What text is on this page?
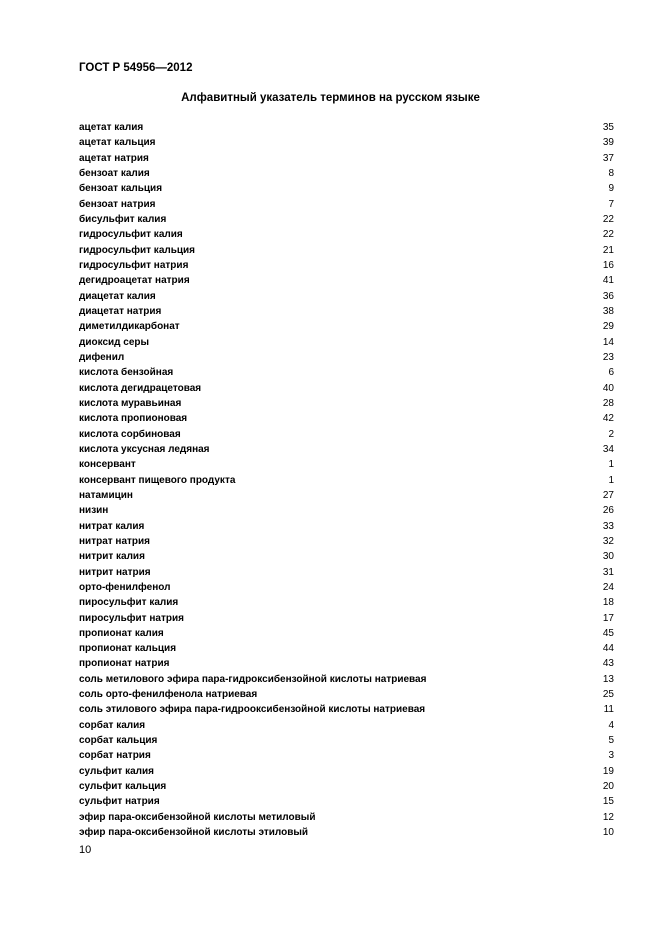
ГОСТ Р 54956—2012
Алфавитный указатель терминов на русском языке
ацетат калия	35
ацетат кальция	39
ацетат натрия	37
бензоат калия	8
бензоат кальция	9
бензоат натрия	7
бисульфит калия	22
гидросульфит калия	22
гидросульфит кальция	21
гидросульфит натрия	16
дегидроацетат натрия	41
диацетат калия	36
диацетат натрия	38
диметилдикарбонат	29
диоксид серы	14
дифенил	23
кислота бензойная	6
кислота дегидрацетовая	40
кислота муравьиная	28
кислота пропионовая	42
кислота сорбиновая	2
кислота уксусная ледяная	34
консервант	1
консервант пищевого продукта	1
натамицин	27
низин	26
нитрат калия	33
нитрат натрия	32
нитрит калия	30
нитрит натрия	31
орто-фенилфенол	24
пиросульфит калия	18
пиросульфит натрия	17
пропионат калия	45
пропионат кальция	44
пропионат натрия	43
соль метилового эфира пара-гидроксибензойной кислоты натриевая	13
соль орто-фенилфенола натриевая	25
соль этилового эфира пара-гидрооксибензойной кислоты натриевая	11
сорбат калия	4
сорбат кальция	5
сорбат натрия	3
сульфит калия	19
сульфит кальция	20
сульфит натрия	15
эфир пара-оксибензойной кислоты метиловый	12
эфир пара-оксибензойной кислоты этиловый	10
10
